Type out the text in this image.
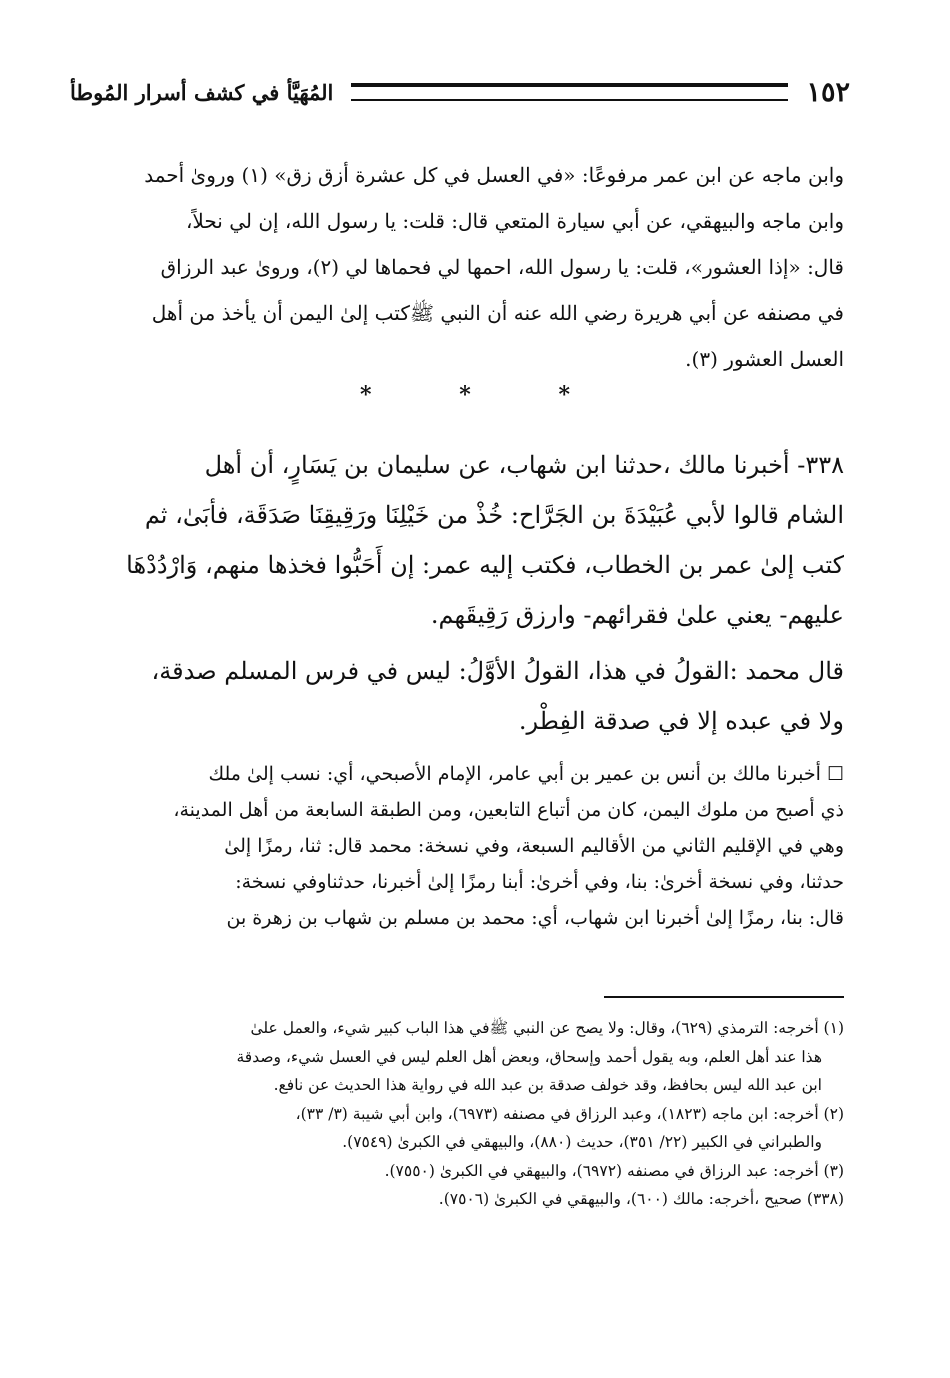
١٥٢
المُهَيَّأ في كشف أسرار المُوطأ
وابن ماجه عن ابن عمر مرفوعًا: «في العسل في كل عشرة أزق زق» (١) وروىٰ أحمد
وابن ماجه والبيهقي، عن أبي سيارة المتعي قال: قلت: يا رسول الله، إن لي نحلاً،
قال: «إذا العشور»، قلت: يا رسول الله، احمها لي فحماها لي (٢)، وروىٰ عبد الرزاق
في مصنفه عن أبي هريرة رضي الله عنه أن النبي ﷺكتب إلىٰ اليمن أن يأخذ من أهل
العسل العشور (٣).
*	*	*
٣٣٨- أخبرنا مالك ،حدثنا ابن شهاب، عن سليمان بن يَسَارٍ، أن أهل
الشام قالوا لأبي عُبَيْدَةَ بن الجَرَّاح: خُذْ من خَيْلِنَا ورَقِيقِنَا صَدَقَة، فأبَىٰ، ثم
كتب إلىٰ عمر بن الخطاب، فكتب إليه عمر: إن أَحَبُّوا فخذها منهم، وَارْدُدْهَا
عليهم- يعني علىٰ فقرائهم- وارزق رَقِيقَهم.
قال محمد :القولُ في هذا، القولُ الأوَّلُ: ليس في فرس المسلم صدقة،
ولا في عبده إلا في صدقة الفِطْر.
☐ أخبرنا مالك بن أنس بن عمير بن أبي عامر، الإمام الأصبحي، أي: نسب إلىٰ ملك
ذي أصبح من ملوك اليمن، كان من أتباع التابعين، ومن الطبقة السابعة من أهل المدينة،
وهي في الإقليم الثاني من الأقاليم السبعة، وفي نسخة: محمد قال: ثنا، رمزًا إلىٰ
حدثنا، وفي نسخة أخرىٰ: بنا، وفي أخرىٰ: أبنا رمزًا إلىٰ أخبرنا، حدثناوفي نسخة:
قال: بنا، رمزًا إلىٰ أخبرنا ابن شهاب، أي: محمد بن مسلم بن شهاب بن زهرة بن
(١) أخرجه: الترمذي (٦٢٩)، وقال: ولا يصح عن النبي ﷺفي هذا الباب كبير شيء، والعمل علىٰ
هذا عند أهل العلم، وبه يقول أحمد وإسحاق، وبعض أهل العلم ليس في العسل شيء، وصدقة
ابن عبد الله ليس بحافظ، وقد خولف صدقة بن عبد الله في رواية هذا الحديث عن نافع.
(٢) أخرجه: ابن ماجه (١٨٢٣)، وعبد الرزاق في مصنفه (٦٩٧٣)، وابن أبي شيبة (٣/ ٣٣)،
والطبراني في الكبير (٢٢/ ٣٥١)، حديث (٨٨٠)، والبيهقي في الكبرىٰ (٧٥٤٩).
(٣) أخرجه: عبد الرزاق في مصنفه (٦٩٧٢)، والبيهقي في الكبرىٰ (٧٥٥٠).
(٣٣٨) صحيح ،أخرجه: مالك (٦٠٠)، والبيهقي في الكبرىٰ (٧٥٠٦).
